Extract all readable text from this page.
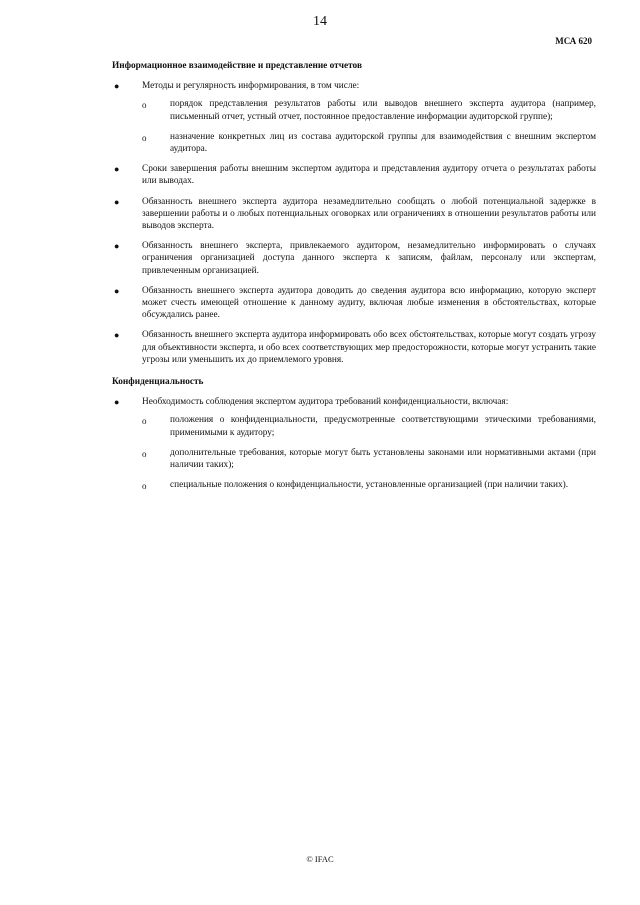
14
МСА 620
Информационное взаимодействие и представление отчетов
● Методы и регулярность информирования, в том числе:
o	порядок представления результатов работы или выводов внешнего эксперта аудитора (например, письменный отчет, устный отчет, постоянное предоставление информации аудиторской группе);
o	назначение конкретных лиц из состава аудиторской группы для взаимодействия с внешним экспертом аудитора.
● Сроки завершения работы внешним экспертом аудитора и представления аудитору отчета о результатах работы или выводах.
● Обязанность внешнего эксперта аудитора незамедлительно сообщать о любой потенциальной задержке в завершении работы и о любых потенциальных оговорках или ограничениях в отношении результатов работы или выводов эксперта.
● Обязанность внешнего эксперта, привлекаемого аудитором, незамедлительно информировать о случаях ограничения организацией доступа данного эксперта к записям, файлам, персоналу или экспертам, привлеченным организацией.
● Обязанность внешнего эксперта аудитора доводить до сведения аудитора всю информацию, которую эксперт может счесть имеющей отношение к данному аудиту, включая любые изменения в обстоятельствах, которые обсуждались ранее.
● Обязанность внешнего эксперта аудитора информировать обо всех обстоятельствах, которые могут создать угрозу для объективности эксперта, и обо всех соответствующих мер предосторожности, которые могут устранить такие угрозы или уменьшить их до приемлемого уровня.
Конфиденциальность
● Необходимость соблюдения экспертом аудитора требований конфиденциальности, включая:
o	положения о конфиденциальности, предусмотренные соответствующими этическими требованиями, применимыми к аудитору;
o	дополнительные требования, которые могут быть установлены законами или нормативными актами (при наличии таких);
o	специальные положения о конфиденциальности, установленные организацией (при наличии таких).
© IFAC
